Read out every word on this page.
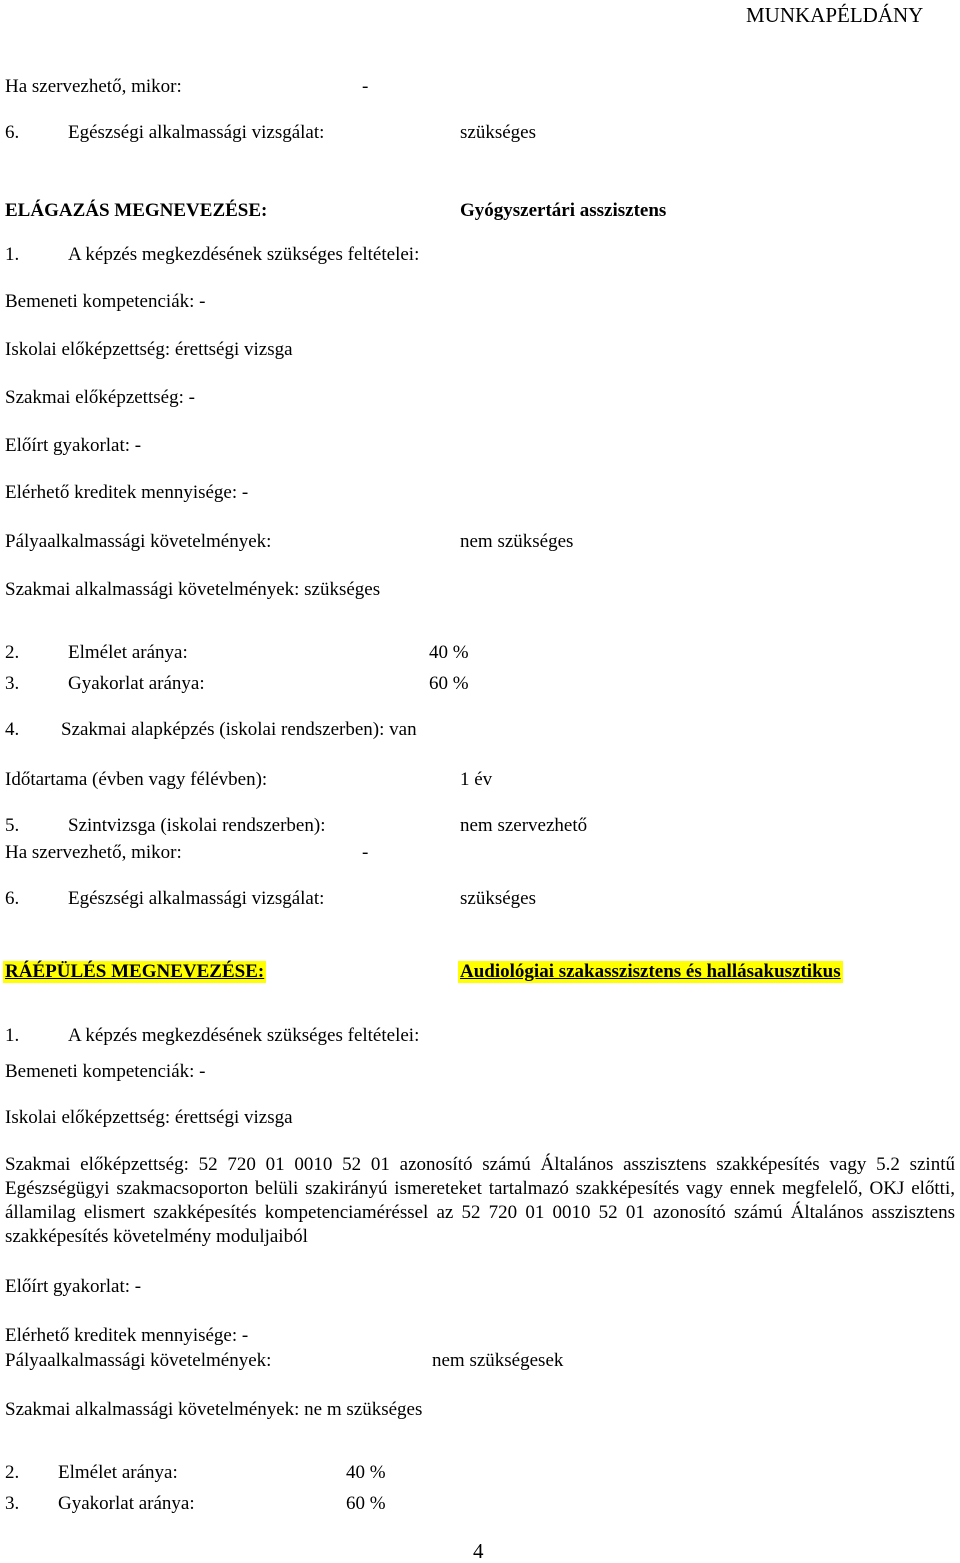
MUNKAPÉLDÁNY
Ha szervezhető, mikor:	-
6.	Egészségi alkalmassági vizsgálat:	szükséges
ELÁGAZÁS MEGNEVEZÉSE:	Gyógyszertári asszisztens
1.	A képzés megkezdésének szükséges feltételei:
Bemeneti kompetenciák: -
Iskolai előképzettség: érettségi vizsga
Szakmai előképzettség: -
Előírt gyakorlat: -
Elérhető kreditek mennyisége: -
Pályaalkalmassági követelmények:	nem szükséges
Szakmai alkalmassági követelmények: szükséges
2.	Elmélet aránya:	40 %
3.	Gyakorlat aránya:	60 %
4. Szakmai alapképzés (iskolai rendszerben): van
Időtartama (évben vagy félévben):	1 év
5.	Szintvizsga (iskolai rendszerben):	nem szervezhető
Ha szervezhető, mikor:	-
6.	Egészségi alkalmassági vizsgálat:	szükséges
RÁÉPÜLÉS MEGNEVEZÉSE:	Audiológiai szakasszisztens és hallásakusztikus
1.	A képzés megkezdésének szükséges feltételei:
Bemeneti kompetenciák: -
Iskolai előképzettség: érettségi vizsga
Szakmai előképzettség: 52 720 01 0010 52 01 azonosító számú Általános asszisztens szakképesítés vagy 5.2 szintű Egészségügyi szakmacsoporton belüli szakirányú ismereteket tartalmazó szakképesítés vagy ennek megfelelő, OKJ előtti, államilag elismert szakképesítés kompetenciaméréssel az 52 720 01 0010 52 01 azonosító számú Általános asszisztens szakképesítés követelmény moduljaiból
Előírt gyakorlat: -
Elérhető kreditek mennyisége: -
Pályaalkalmassági követelmények:	nem szükségesek
Szakmai alkalmassági követelmények: ne m szükséges
2. Elmélet aránya:	40 %
3. Gyakorlat aránya:	60 %
4
